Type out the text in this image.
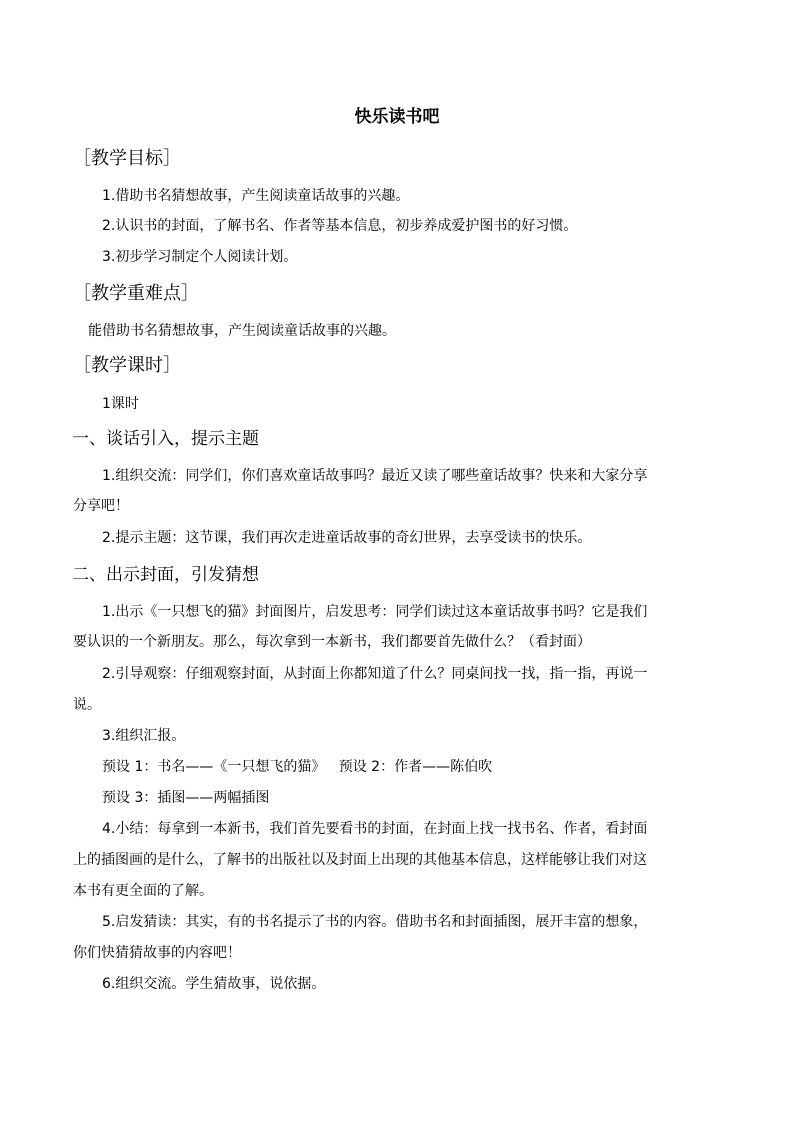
快乐读书吧
［教学目标］
1.借助书名猜想故事，产生阅读童话故事的兴趣。
2.认识书的封面，了解书名、作者等基本信息，初步养成爱护图书的好习惯。
3.初步学习制定个人阅读计划。
［教学重难点］
能借助书名猜想故事，产生阅读童话故事的兴趣。
［教学课时］
1课时
一、谈话引入，提示主题
1.组织交流：同学们，你们喜欢童话故事吗？最近又读了哪些童话故事？快来和大家分享
分享吧！
2.提示主题：这节课，我们再次走进童话故事的奇幻世界，去享受读书的快乐。
二、出示封面，引发猜想
1.出示《一只想飞的猫》封面图片，启发思考：同学们读过这本童话故事书吗？它是我们
要认识的一个新朋友。那么，每次拿到一本新书，我们都要首先做什么？（看封面）
2.引导观察：仔细观察封面，从封面上你都知道了什么？同桌间找一找，指一指，再说一
说。
3.组织汇报。
预设 1：书名——《一只想飞的猫》   预设 2：作者——陈伯吹
预设 3：插图——两幅插图
4.小结：每拿到一本新书，我们首先要看书的封面，在封面上找一找书名、作者，看封面
上的插图画的是什么，了解书的出版社以及封面上出现的其他基本信息，这样能够让我们对这
本书有更全面的了解。
5.启发猜读：其实，有的书名提示了书的内容。借助书名和封面插图，展开丰富的想象，
你们快猜猜故事的内容吧！
6.组织交流。学生猜故事，说依据。
